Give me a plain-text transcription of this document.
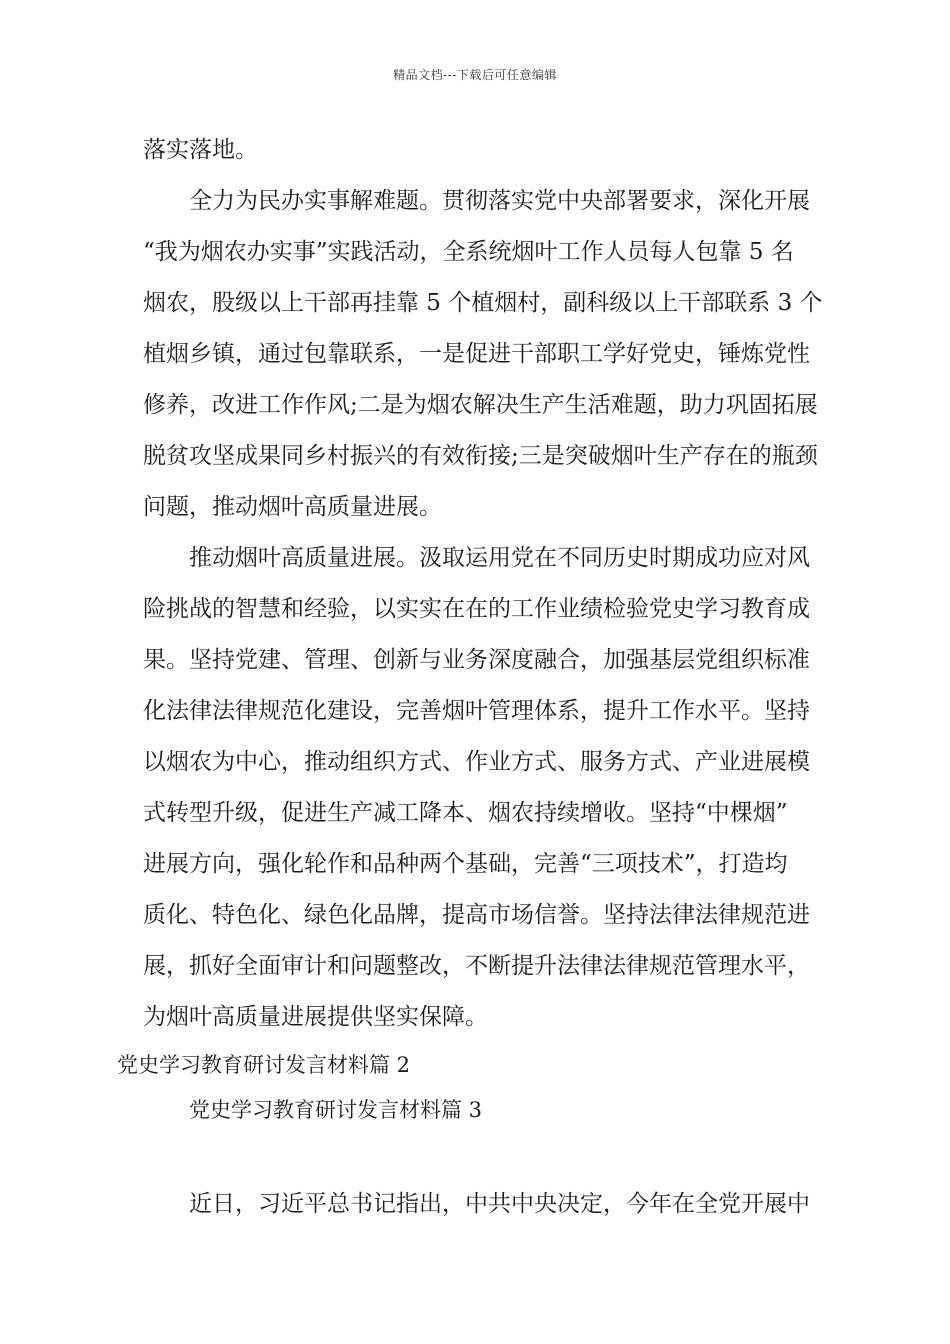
精品文档---下载后可任意编辑
落实落地。
全力为民办实事解难题。贯彻落实党中央部署要求，深化开展
“我为烟农办实事”实践活动，全系统烟叶工作人员每人包靠 5 名
烟农，股级以上干部再挂靠 5 个植烟村，副科级以上干部联系 3 个
植烟乡镇，通过包靠联系，一是促进干部职工学好党史，锤炼党性
修养，改进工作作风;二是为烟农解决生产生活难题，助力巩固拓展
脱贫攻坚成果同乡村振兴的有效衔接;三是突破烟叶生产存在的瓶颈
问题，推动烟叶高质量进展。
推动烟叶高质量进展。汲取运用党在不同历史时期成功应对风
险挑战的智慧和经验，以实实在在的工作业绩检验党史学习教育成
果。坚持党建、管理、创新与业务深度融合，加强基层党组织标准
化法律法律规范化建设，完善烟叶管理体系，提升工作水平。坚持
以烟农为中心，推动组织方式、作业方式、服务方式、产业进展模
式转型升级，促进生产减工降本、烟农持续增收。坚持“中棵烟”
进展方向，强化轮作和品种两个基础，完善“三项技术”，打造均
质化、特色化、绿色化品牌，提高市场信誉。坚持法律法律规范进
展，抓好全面审计和问题整改，不断提升法律法律规范管理水平，
为烟叶高质量进展提供坚实保障。
党史学习教育研讨发言材料篇 2
党史学习教育研讨发言材料篇 3
近日，习近平总书记指出，中共中央决定，今年在全党开展中
